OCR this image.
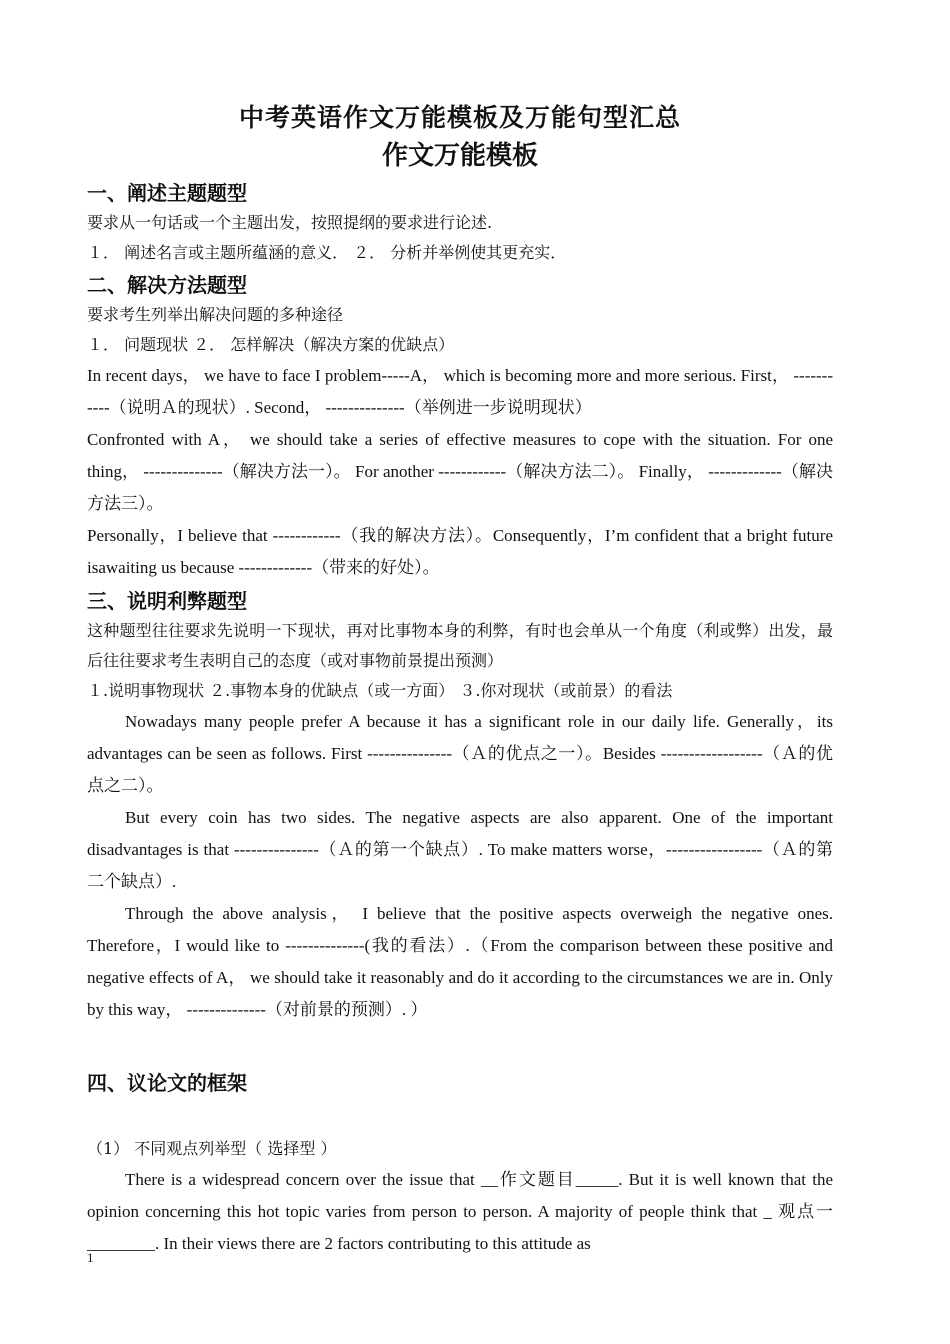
中考英语作文万能模板及万能句型汇总
作文万能模板
一、阐述主题题型

要求从一句话或一个主题出发，按照提纲的要求进行论述.

１． 阐述名言或主题所蕴涵的意义． ２． 分析并举例使其更充实．

二、解决方法题型

要求考生列举出解决问题的多种途径

１． 问题现状 ２． 怎样解决（解决方案的优缺点）

In recent days， we have to face I problem-----A， which is becoming more and more serious. First， -----------（说明Ａ的现状）. Second， --------------（举例进一步说明现状）

Confronted with A， we should take a series of effective measures to cope with the situation. For one thing， --------------（解决方法一）。 For another ------------（解决方法二）。 Finally， -------------（解决方法三）。

Personally，I believe that ------------（我的解决方法）。Consequently，I’m confident that a bright future isawaiting us because -------------（带来的好处）。

三、说明利弊题型

这种题型往往要求先说明一下现状，再对比事物本身的利弊，有时也会单从一个角度（利或弊）出发，最后往往要求考生表明自己的态度（或对事物前景提出预测）

１.说明事物现状 ２.事物本身的优缺点（或一方面） ３.你对现状（或前景）的看法

Nowadays many people prefer A because it has a significant role in our daily life. Generally，its advantages can be seen as follows. First ---------------（Ａ的优点之一）。Besides ------------------（Ａ的优点之二）。

But every coin has two sides. The negative aspects are also apparent. One of the important disadvantages is that ---------------（Ａ的第一个缺点）. To make matters worse，-----------------（Ａ的第二个缺点）.

Through the above analysis， I believe that the positive aspects overweigh the negative ones. Therefore，I would like to --------------(我的看法）.（From the comparison between these positive and negative effects of A， we should take it reasonably and do it according to the circumstances we are in. Only by this way， --------------（对前景的预测）. ）

四、议论文的框架

（1） 不同观点列举型（ 选择型 ）

There is a widespread concern over the issue that __作文题目_____. But it is well known that the opinion concerning this hot topic varies from person to person. A majority of people think that _ 观点一________. In their views there are 2 factors contributing to this attitude as

1
